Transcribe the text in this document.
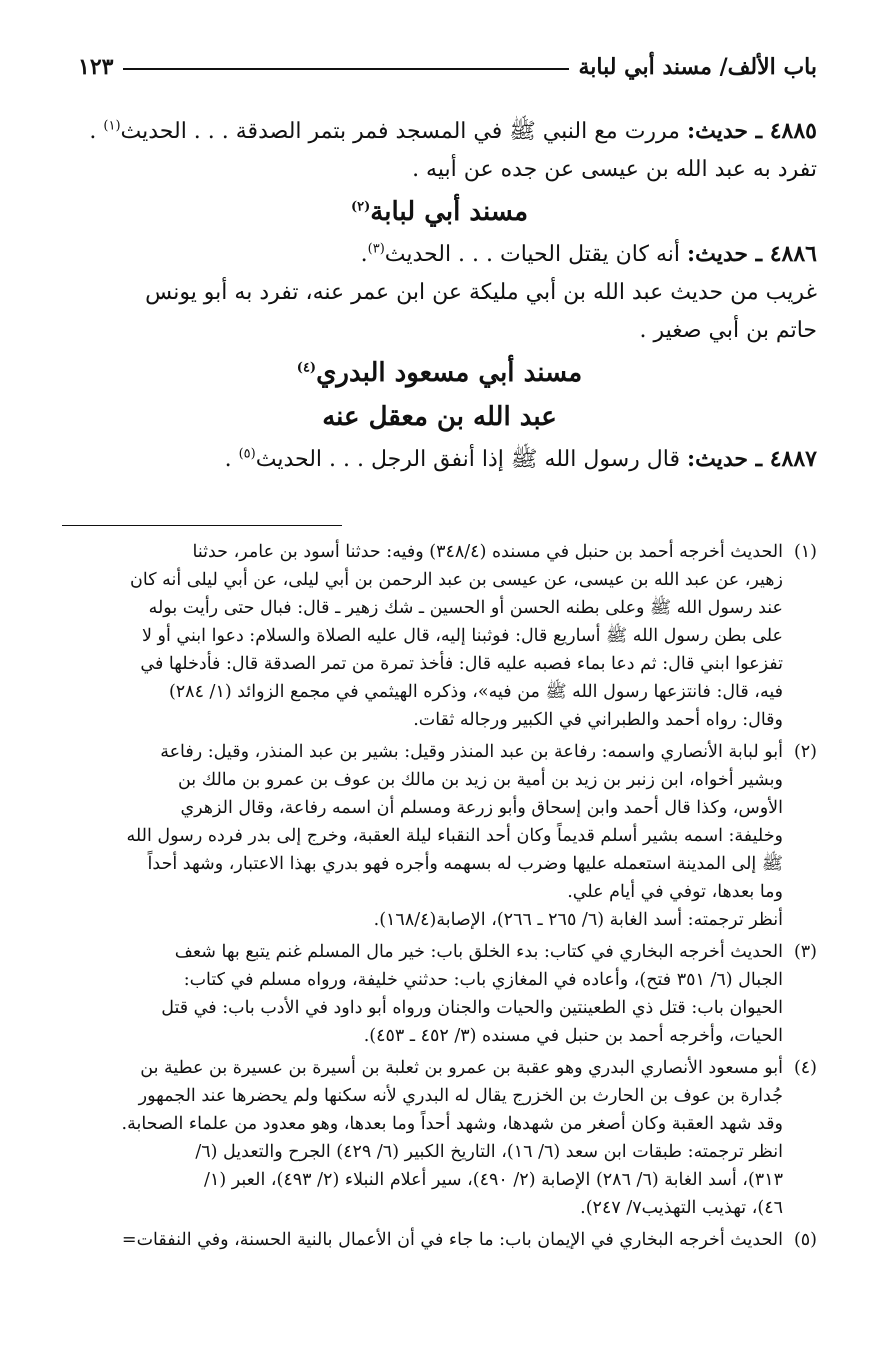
باب الألف/ مسند أبي لبابة
١٢٣

٤٨٨٥ ـ حديث: مررت مع النبي ﷺ في المسجد فمر بتمر الصدقة . . . الحديث$^{(١)}$ .

تفرد به عبد الله بن عيسى عن جده عن أبيه .

مسند أبي لبابة$^{(٢)}$

٤٨٨٦ ـ حديث: أنه كان يقتل الحيات . . . الحديث$^{(٣)}$.

غريب من حديث عبد الله بن أبي مليكة عن ابن عمر عنه، تفرد به أبو يونس

حاتم بن أبي صغير .

مسند أبي مسعود البدري$^{(٤)}$

عبد الله بن معقل عنه

٤٨٨٧ ـ حديث: قال رسول الله ﷺ إذا أنفق الرجل . . . الحديث$^{(٥)}$ .

(١)
الحديث أخرجه أحمد بن حنبل في مسنده (٣٤٨/٤) وفيه: حدثنا أسود بن عامر، حدثنا
زهير، عن عبد الله بن عيسى، عن عيسى بن عبد الرحمن بن أبي ليلى، عن أبي ليلى أنه كان
عند رسول الله ﷺ وعلى بطنه الحسن أو الحسين ـ شك زهير ـ قال: فبال حتى رأيت بوله
على بطن رسول الله ﷺ أساريع قال: فوثبنا إليه، قال عليه الصلاة والسلام: دعوا ابني أو لا
تفزعوا ابني قال: ثم دعا بماء فصبه عليه قال: فأخذ تمرة من تمر الصدقة قال: فأدخلها في
فيه، قال: فانتزعها رسول الله ﷺ من فيه»، وذكره الهيثمي في مجمع الزوائد (١/ ٢٨٤)
وقال: رواه أحمد والطبراني في الكبير ورجاله ثقات.
(٢)
أبو لبابة الأنصاري واسمه: رفاعة بن عبد المنذر وقيل: بشير بن عبد المنذر، وقيل: رفاعة
وبشير أخواه، ابن زنبر بن زيد بن أمية بن زيد بن مالك بن عوف بن عمرو بن مالك بن
الأوس، وكذا قال أحمد وابن إسحاق وأبو زرعة ومسلم أن اسمه رفاعة، وقال الزهري
وخليفة: اسمه بشير أسلم قديماً وكان أحد النقباء ليلة العقبة، وخرج إلى بدر فرده رسول الله
ﷺ إلى المدينة استعمله عليها وضرب له بسهمه وأجره فهو بدري بهذا الاعتبار، وشهد أحداً
وما بعدها، توفي في أيام علي.
أنظر ترجمته: أسد الغابة (٦/ ٢٦٥ ـ ٢٦٦)، الإصابة(١٦٨/٤).
(٣)
الحديث أخرجه البخاري في كتاب: بدء الخلق باب: خير مال المسلم غنم يتبع بها شعف
الجبال (٦/ ٣٥١ فتح)، وأعاده في المغازي باب: حدثني خليفة، ورواه مسلم في كتاب:
الحيوان باب: قتل ذي الطعينتين والحيات والجنان ورواه أبو داود في الأدب باب: في قتل
الحيات، وأخرجه أحمد بن حنبل في مسنده (٣/ ٤٥٢ ـ ٤٥٣).
(٤)
أبو مسعود الأنصاري البدري وهو عقبة بن عمرو بن ثعلبة بن أسيرة بن عسيرة بن عطية بن
جُدارة بن عوف بن الحارث بن الخزرج يقال له البدري لأنه سكنها ولم يحضرها عند الجمهور
وقد شهد العقبة وكان أصغر من شهدها، وشهد أحداً وما بعدها، وهو معدود من علماء الصحابة.
انظر ترجمته: طبقات ابن سعد (٦/ ١٦)، التاريخ الكبير (٦/ ٤٢٩) الجرح والتعديل (٦/
٣١٣)، أسد الغابة (٦/ ٢٨٦) الإصابة (٢/ ٤٩٠)، سير أعلام النبلاء (٢/ ٤٩٣)، العبر (١/
٤٦)، تهذيب التهذيب٧/ ٢٤٧).
(٥)
الحديث أخرجه البخاري في الإيمان باب: ما جاء في أن الأعمال بالنية الحسنة، وفي النفقات=
